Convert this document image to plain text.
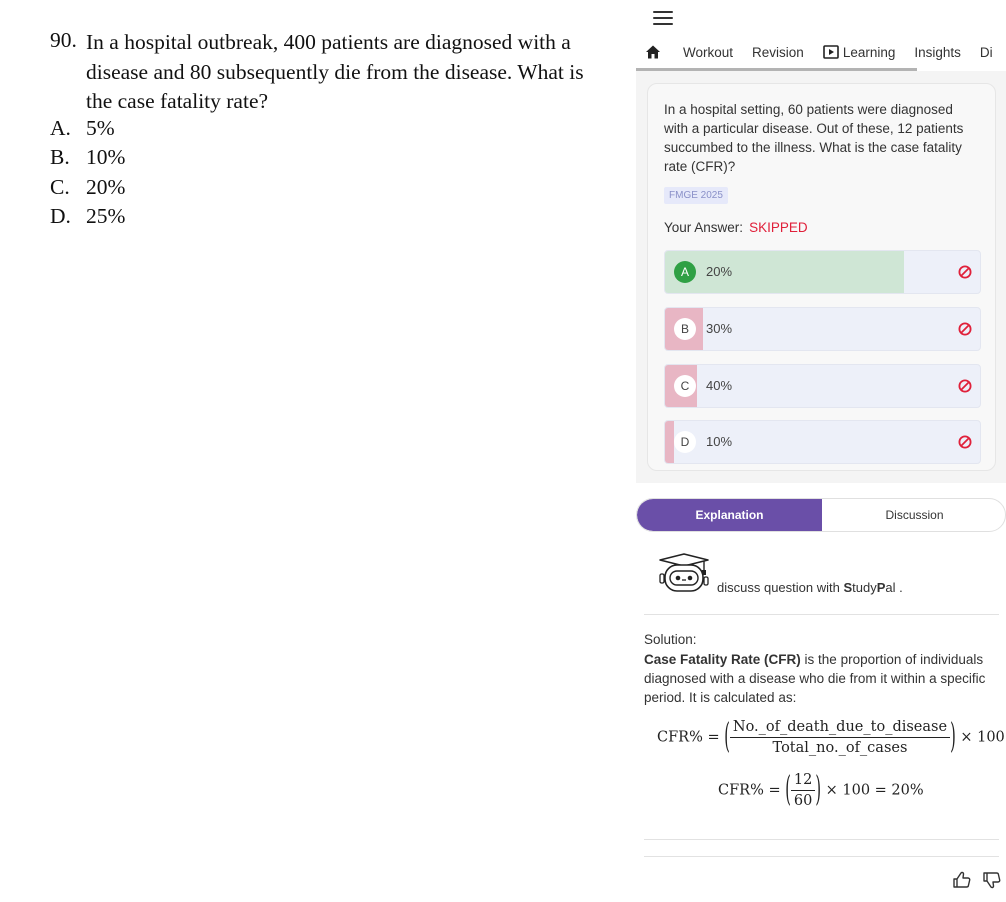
90. In a hospital outbreak, 400 patients are diagnosed with a disease and 80 subsequently die from the disease. What is the case fatality rate?
A. 5%
B. 10%
C. 20%
D. 25%
Workout Revision	Learning Insights Di
In a hospital setting, 60 patients were diagnosed with a particular disease. Out of these, 12 patients succumbed to the illness. What is the case fatality rate (CFR)?
FMGE 2025
Your Answer: SKIPPED
A	20%
B	30%
C	40%
D	10%
Explanation	Discussion
discuss question with StudyPal .
Solution:
Case Fatality Rate (CFR) is the proportion of individuals diagnosed with a disease who die from it within a specific period. It is calculated as:
CFR% = ( $\frac{\text{No.\_of\_death\_due\_to\_disease}}{\text{Total\_no.\_of\_cases}}$ ) × 100
CFR% = ( $\frac{12}{60}$ ) × 100 = 20%
